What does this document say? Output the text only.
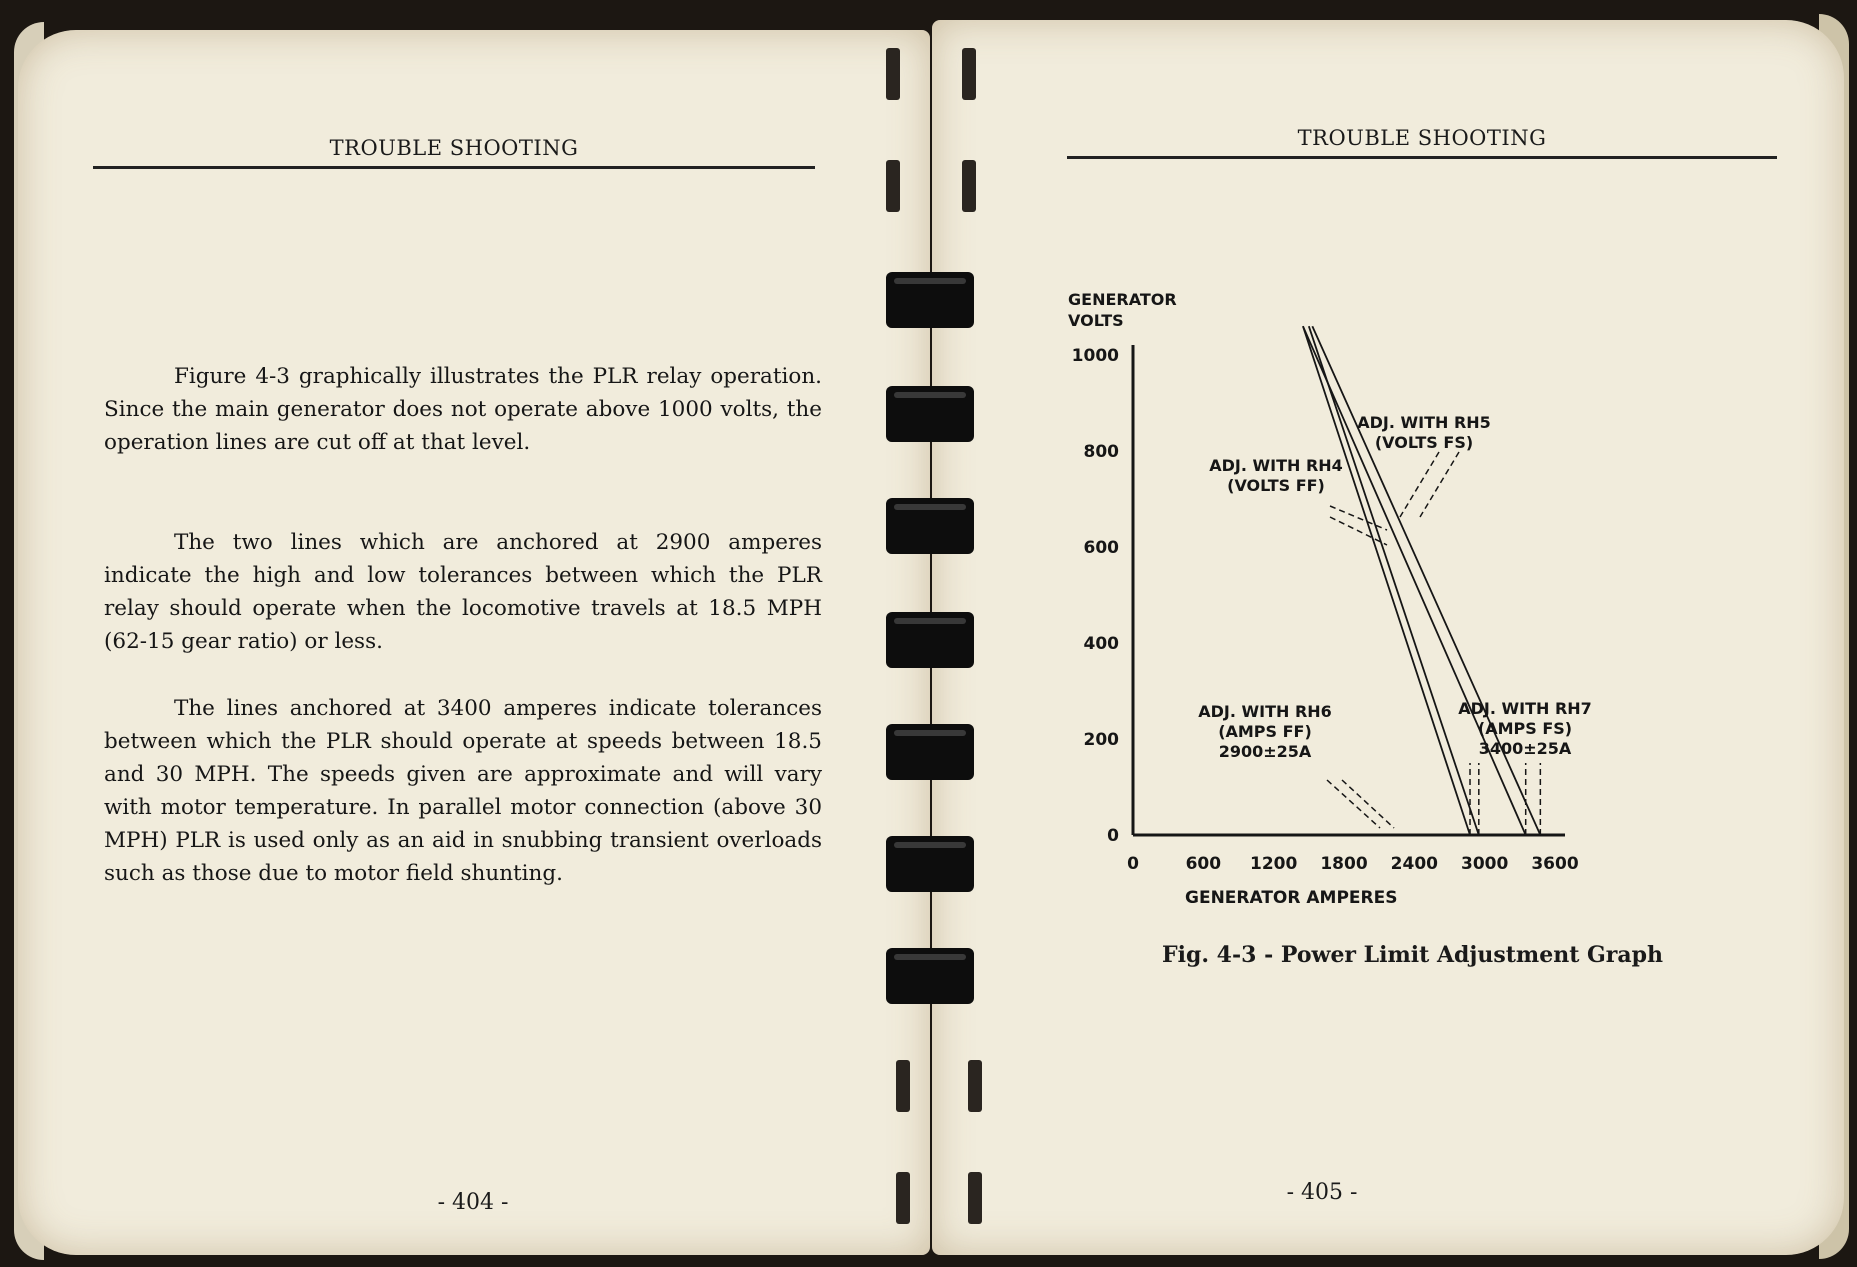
TROUBLE SHOOTING

Figure 4-3 graphically illustrates the PLR relay operation. Since the main generator does not operate above 1000 volts, the operation lines are cut off at that level.

The two lines which are anchored at 2900 amperes indicate the high and low tolerances between which the PLR relay should operate when the locomotive travels at 18.5 MPH (62-15 gear ratio) or less.

The lines anchored at 3400 amperes indicate tolerances between which the PLR should operate at speeds between 18.5 and 30 MPH. The speeds given are approximate and will vary with motor temperature. In parallel motor connection (above 30 MPH) PLR is used only as an aid in snubbing transient overloads such as those due to motor field shunting.

- 404 -
TROUBLE SHOOTING
GENERATOR
VOLTS
0	600 1200 1800 2400 3000 3600
0
200
400
600
800
1000
GENERATOR AMPERES
ADJ. WITH RH5
(VOLTS FS)
ADJ. WITH RH4
(VOLTS FF)
ADJ. WITH RH6
(AMPS FF)
2900±25A
ADJ. WITH RH7
(AMPS FS)
3400±25A
Fig. 4-3 - Power Limit Adjustment Graph
- 405 -
